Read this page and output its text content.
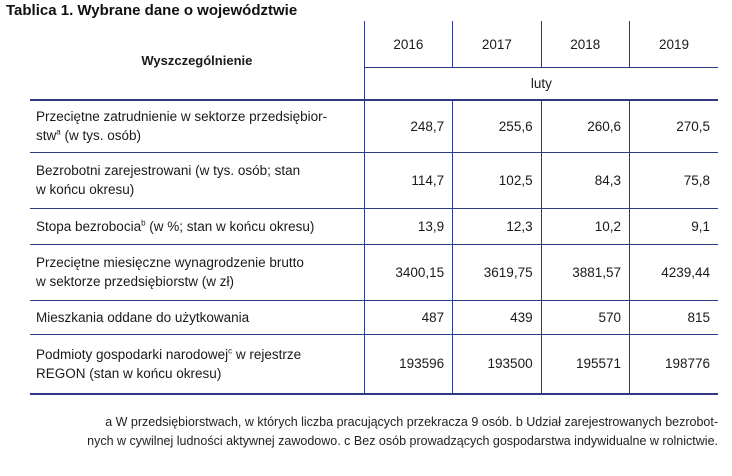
Tablica 1. Wybrane dane o województwie
Wyszczególnienie	2016	2017	2018	2019
	luty			
Przeciętne zatrudnienie w sektorze przedsiębior-
stw$^a$ (w tys. osób)	248,7	255,6	260,6	270,5
Bezrobotni zarejestrowani (w tys. osób; stan
w końcu okresu)	114,7	102,5	84,3	75,8
Stopa bezrobocia$^b$ (w %; stan w końcu okresu)	13,9	12,3	10,2	9,1
Przeciętne miesięczne wynagrodzenie brutto
w sektorze przedsiębiorstw (w zł)	3400,15	3619,75	3881,57	4239,44
Mieszkania oddane do użytkowania	487	439	570	815
Podmioty gospodarki narodowej$^c$ w rejestrze
REGON (stan w końcu okresu)	193596	193500	195571	198776
a W przedsiębiorstwach, w których liczba pracujących przekracza 9 osób. b Udział zarejestrowanych bezrobot-
nych w cywilnej ludności aktywnej zawodowo. c Bez osób prowadzących gospodarstwa indywidualne w rolnictwie.
